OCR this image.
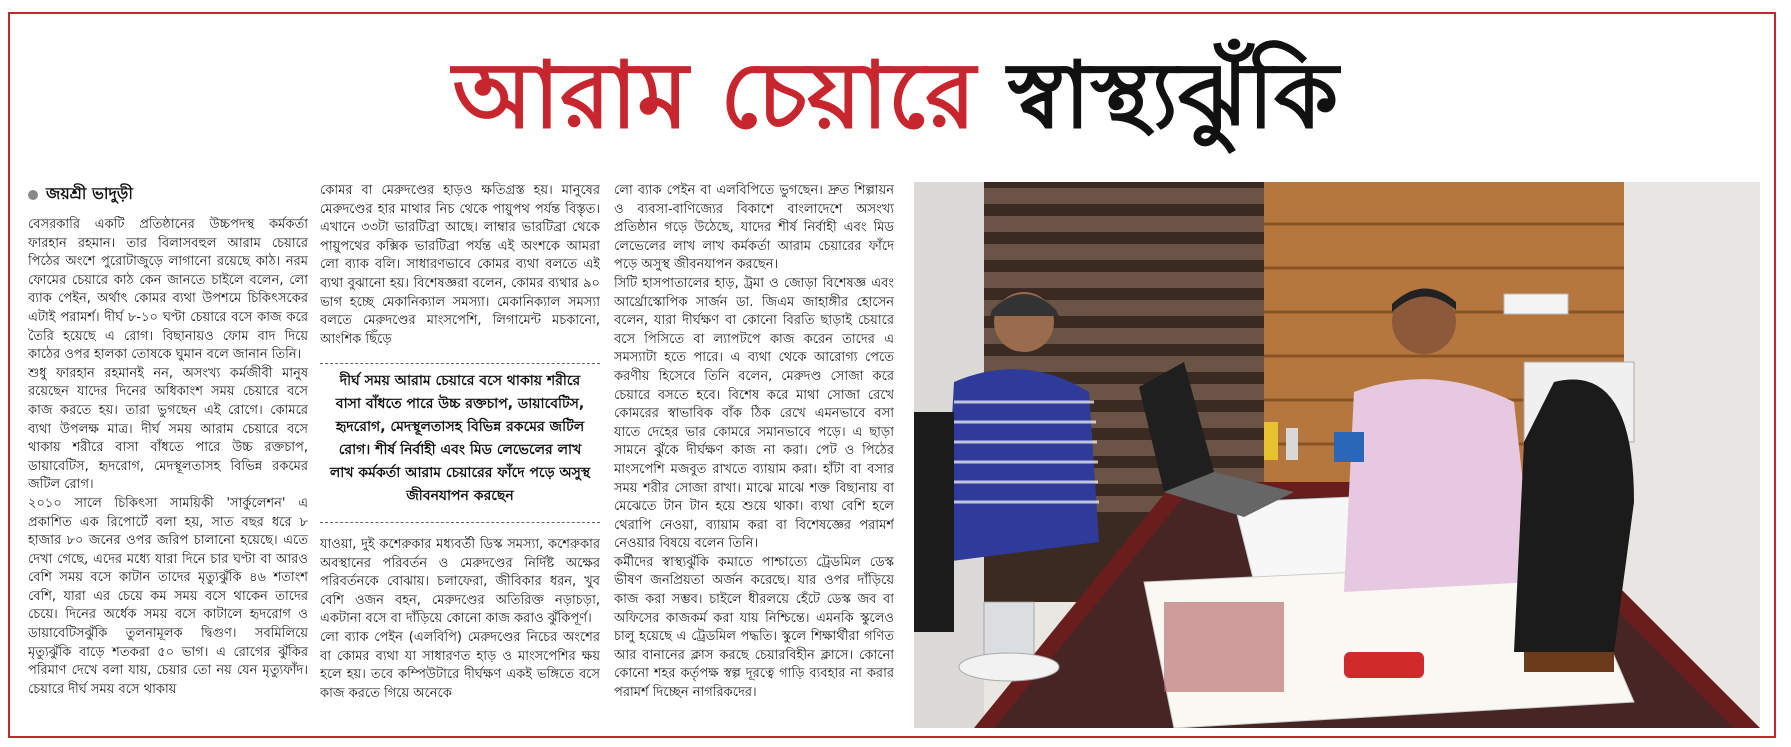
আরাম চেয়ারে স্বাস্থ্যঝুঁকি
জয়শ্রী ভাদুড়ী

বেসরকারি একটি প্রতিষ্ঠানের উচ্চপদস্থ কর্মকর্তা ফারহান রহমান। তার বিলাসবহুল আরাম চেয়ারে পিঠের অংশে পুরোটাজুড়ে লাগানো রয়েছে কাঠ। নরম ফোমের চেয়ারে কাঠ কেন জানতে চাইলে বলেন, লো ব্যাক পেইন, অর্থাৎ কোমর ব্যথা উপশমে চিকিৎসকের এটাই পরামর্শ। দীর্ঘ ৮-১০ ঘণ্টা চেয়ারে বসে কাজ করে তৈরি হয়েছে এ রোগ। বিছানায়ও ফোম বাদ দিয়ে কাঠের ওপর হালকা তোষকে ঘুমান বলে জানান তিনি।

শুধু ফারহান রহমানই নন, অসংখ্য কর্মজীবী মানুষ রয়েছেন যাদের দিনের অধিকাংশ সময় চেয়ারে বসে কাজ করতে হয়। তারা ভুগছেন এই রোগে। কোমরে ব্যথা উপলক্ষ মাত্র। দীর্ঘ সময় আরাম চেয়ারে বসে থাকায় শরীরে বাসা বাঁধতে পারে উচ্চ রক্তচাপ, ডায়াবেটিস, হৃদরোগ, মেদস্থূলতাসহ বিভিন্ন রকমের জটিল রোগ।

২০১০ সালে চিকিৎসা সাময়িকী 'সার্কুলেশন' এ প্রকাশিত এক রিপোর্টে বলা হয়, সাত বছর ধরে ৮ হাজার ৮০ জনের ওপর জরিপ চালানো হয়েছে। এতে দেখা গেছে, এদের মধ্যে যারা দিনে চার ঘণ্টা বা আরও বেশি সময় বসে কাটান তাদের মৃত্যুঝুঁকি ৪৬ শতাংশ বেশি, যারা এর চেয়ে কম সময় বসে থাকেন তাদের চেয়ে। দিনের অর্ধেক সময় বসে কাটালে হৃদরোগ ও ডায়াবেটিসঝুঁকি তুলনামূলক দ্বিগুণ। সবমিলিয়ে মৃত্যুঝুঁকি বাড়ে শতকরা ৫০ ভাগ। এ রোগের ঝুঁকির পরিমাণ দেখে বলা যায়, চেয়ার তো নয় যেন মৃত্যুফাঁদ। চেয়ারে দীর্ঘ সময় বসে থাকায়

কোমর বা মেরুদণ্ডের হাড়ও ক্ষতিগ্রস্ত হয়। মানুষের মেরুদণ্ডের হার মাথার নিচ থেকে পায়ুপথ পর্যন্ত বিস্তৃত। এখানে ৩৩টা ভারটিব্রা আছে। লাম্বার ভারটিব্রা থেকে পায়ুপথের কক্সিক ভারটিব্রা পর্যন্ত এই অংশকে আমরা লো ব্যাক বলি। সাধারণভাবে কোমর ব্যথা বলতে এই ব্যথা বুঝানো হয়। বিশেষজ্ঞরা বলেন, কোমর ব্যথার ৯০ ভাগ হচ্ছে মেকানিক্যাল সমস্যা। মেকানিক্যাল সমস্যা বলতে মেরুদণ্ডের মাংসপেশি, লিগামেন্ট মচকানো, আংশিক ছিঁড়ে

দীর্ঘ সময় আরাম চেয়ারে বসে থাকায় শরীরে বাসা বাঁধতে পারে উচ্চ রক্তচাপ, ডায়াবেটিস, হৃদরোগ, মেদস্থূলতাসহ বিভিন্ন রকমের জটিল রোগ। শীর্ষ নির্বাহী এবং মিড লেভেলের লাখ লাখ কর্মকর্তা আরাম চেয়ারের ফাঁদে পড়ে অসুস্থ জীবনযাপন করছেন

যাওয়া, দুই কশেরুকার মধ্যবর্তী ডিস্ক সমস্যা, কশেরুকার অবস্থানের পরিবর্তন ও মেরুদণ্ডের নির্দিষ্ট অক্ষের পরিবর্তনকে বোঝায়। চলাফেরা, জীবিকার ধরন, খুব বেশি ওজন বহন, মেরুদণ্ডের অতিরিক্ত নড়াচড়া, একটানা বসে বা দাঁড়িয়ে কোনো কাজ করাও ঝুঁকিপূর্ণ।

লো ব্যাক পেইন (এলবিপি) মেরুদণ্ডের নিচের অংশের বা কোমর ব্যথা যা সাধারণত হাড় ও মাংসপেশির ক্ষয় হলে হয়। তবে কম্পিউটারে দীর্ঘক্ষণ একই ভঙ্গিতে বসে কাজ করতে গিয়ে অনেকে

লো ব্যাক পেইন বা এলবিপিতে ভুগছেন। দ্রুত শিল্পায়ন ও ব্যবসা-বাণিজ্যের বিকাশে বাংলাদেশে অসংখ্য প্রতিষ্ঠান গড়ে উঠেছে, যাদের শীর্ষ নির্বাহী এবং মিড লেভেলের লাখ লাখ কর্মকর্তা আরাম চেয়ারের ফাঁদে পড়ে অসুস্থ জীবনযাপন করছেন।

সিটি হাসপাতালের হাড়, ট্রমা ও জোড়া বিশেষজ্ঞ এবং আর্থ্রোস্কোপিক সার্জন ডা. জিএম জাহাঙ্গীর হোসেন বলেন, যারা দীর্ঘক্ষণ বা কোনো বিরতি ছাড়াই চেয়ারে বসে পিসিতে বা ল্যাপটপে কাজ করেন তাদের এ সমস্যাটা হতে পারে। এ ব্যথা থেকে আরোগ্য পেতে করণীয় হিসেবে তিনি বলেন, মেরুদণ্ড সোজা করে চেয়ারে বসতে হবে। বিশেষ করে মাথা সোজা রেখে কোমরের স্বাভাবিক বাঁক ঠিক রেখে এমনভাবে বসা যাতে দেহের ভার কোমরে সমানভাবে পড়ে। এ ছাড়া সামনে ঝুঁকে দীর্ঘক্ষণ কাজ না করা। পেট ও পিঠের মাংসপেশি মজবুত রাখতে ব্যায়াম করা। হাঁটা বা বসার সময় শরীর সোজা রাখা। মাঝে মাঝে শক্ত বিছানায় বা মেঝেতে টান টান হয়ে শুয়ে থাকা। ব্যথা বেশি হলে থেরাপি নেওয়া, ব্যায়াম করা বা বিশেষজ্ঞের পরামর্শ নেওয়ার বিষয়ে বলেন তিনি।

কর্মীদের স্বাস্থ্যঝুঁকি কমাতে পাশ্চাত্যে ট্রেডমিল ডেস্ক ভীষণ জনপ্রিয়তা অর্জন করেছে। যার ওপর দাঁড়িয়ে কাজ করা সম্ভব। চাইলে ধীরলয়ে হেঁটে ডেস্ক জব বা অফিসের কাজকর্ম করা যায় নিশ্চিন্তে। এমনকি স্কুলেও চালু হয়েছে এ ট্রেডমিল পদ্ধতি। স্কুলে শিক্ষার্থীরা গণিত আর বানানের ক্লাস করছে চেয়ারবিহীন ক্লাসে। কোনো কোনো শহর কর্তৃপক্ষ স্বল্প দূরত্বে গাড়ি ব্যবহার না করার পরামর্শ দিচ্ছেন নাগরিকদের।
